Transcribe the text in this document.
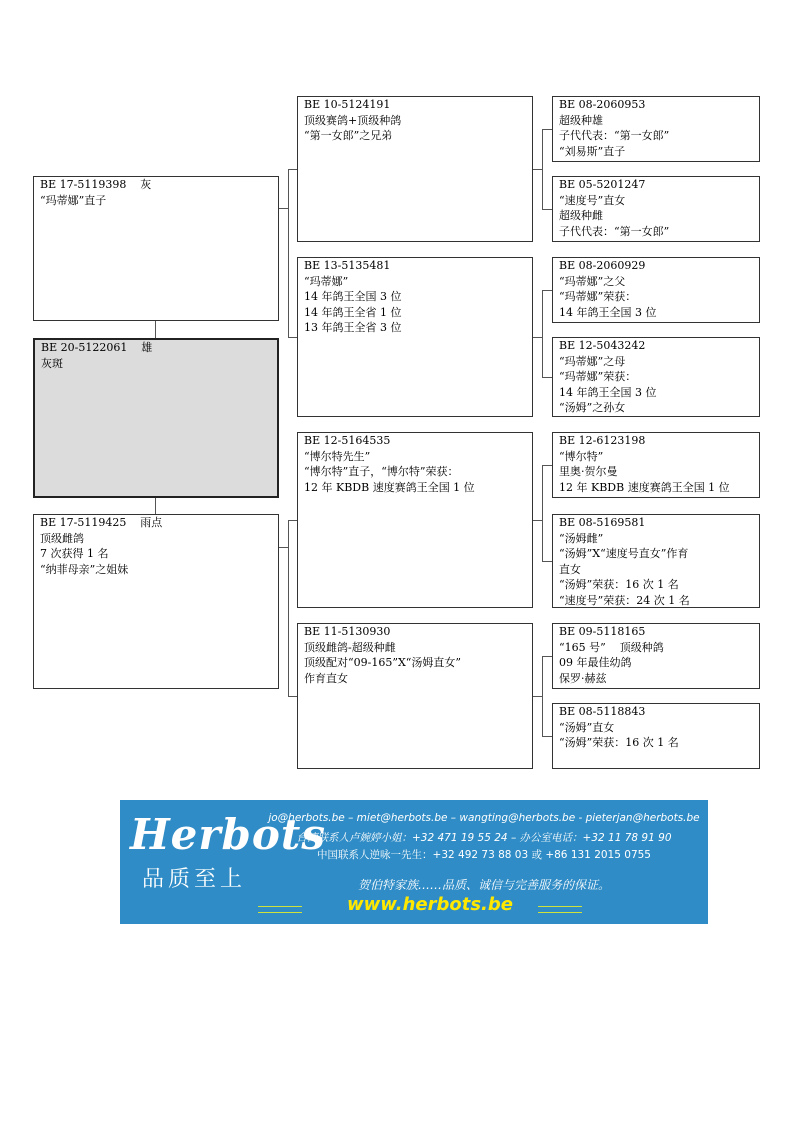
BE 17-5119398    灰
“玛蒂娜”直子
BE 20-5122061    雄
灰斑
BE 17-5119425    雨点
顶级雌鸽
7 次获得 1 名
“纳菲母亲”之姐妹
BE 10-5124191
顶级赛鸽+顶级种鸽
“第一女郎”之兄弟
BE 13-5135481
“玛蒂娜”
14 年鸽王全国 3 位
14 年鸽王全省 1 位
13 年鸽王全省 3 位
BE 12-5164535
“博尔特先生”
“博尔特”直子，“博尔特”荣获：
12 年 KBDB 速度赛鸽王全国 1 位
BE 11-5130930
顶级雌鸽-超级种雌
顶级配对“09-165”X“汤姆直女”
作育直女
BE 08-2060953
超级种雄
子代代表：“第一女郎”
“刘易斯”直子
BE 05-5201247
“速度号”直女
超级种雌
子代代表：“第一女郎”
BE 08-2060929
“玛蒂娜”之父
“玛蒂娜”荣获：
14 年鸽王全国 3 位
BE 12-5043242
“玛蒂娜”之母
“玛蒂娜”荣获：
14 年鸽王全国 3 位
“汤姆”之孙女
BE 12-6123198
“博尔特”
里奥·贺尔曼
12 年 KBDB 速度赛鸽王全国 1 位
BE 08-5169581
“汤姆雌”
“汤姆”X“速度号直女”作育
直女
“汤姆”荣获：16 次 1 名
“速度号”荣获：24 次 1 名
BE 09-5118165
“165 号”    顶级种鸽
09 年最佳幼鸽
保罗·赫兹
BE 08-5118843
“汤姆”直女
“汤姆”荣获：16 次 1 名
Herbots
品质至上
jo@herbots.be – miet@herbots.be – wangting@herbots.be - pieterjan@herbots.be
台湾联系人卢婉婷小姐：+32 471 19 55 24 – 办公室电话：+32 11 78 91 90
中国联系人逆咏一先生：+32 492 73 88 03 或 +86 131 2015 0755
贺伯特家族……品质、诚信与完善服务的保证。
www.herbots.be
